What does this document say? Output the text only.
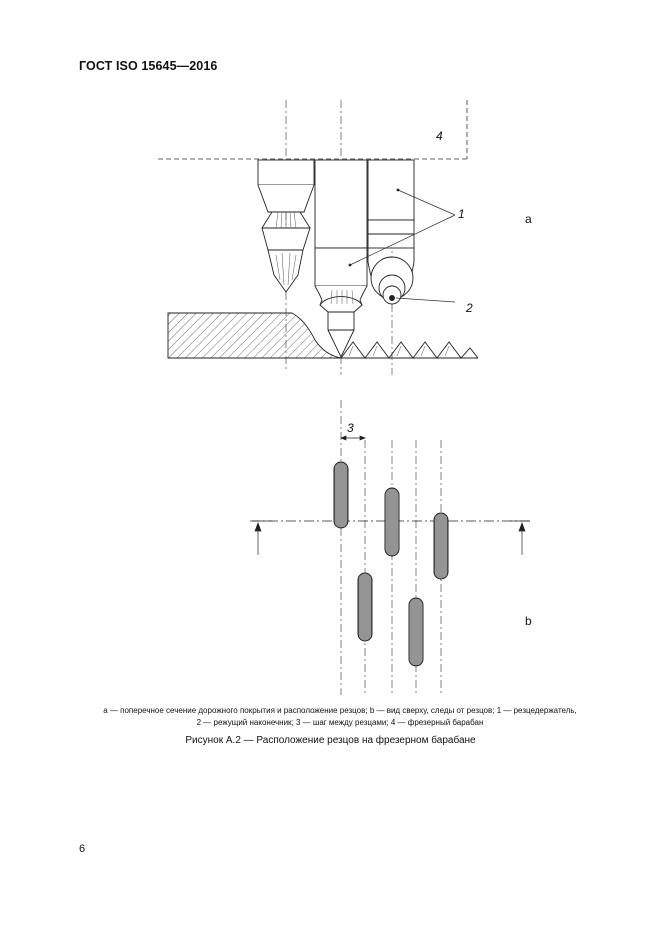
ГОСТ ISO 15645—2016
4
1
2
a
3
b
a — поперечное сечение дорожного покрытия и расположение резцов; b — вид сверху, следы от резцов; 1 — резцедержатель,
2 — режущий наконечник; 3 — шаг между резцами; 4 — фрезерный барабан
Рисунок А.2 — Расположение резцов на фрезерном барабане
6
